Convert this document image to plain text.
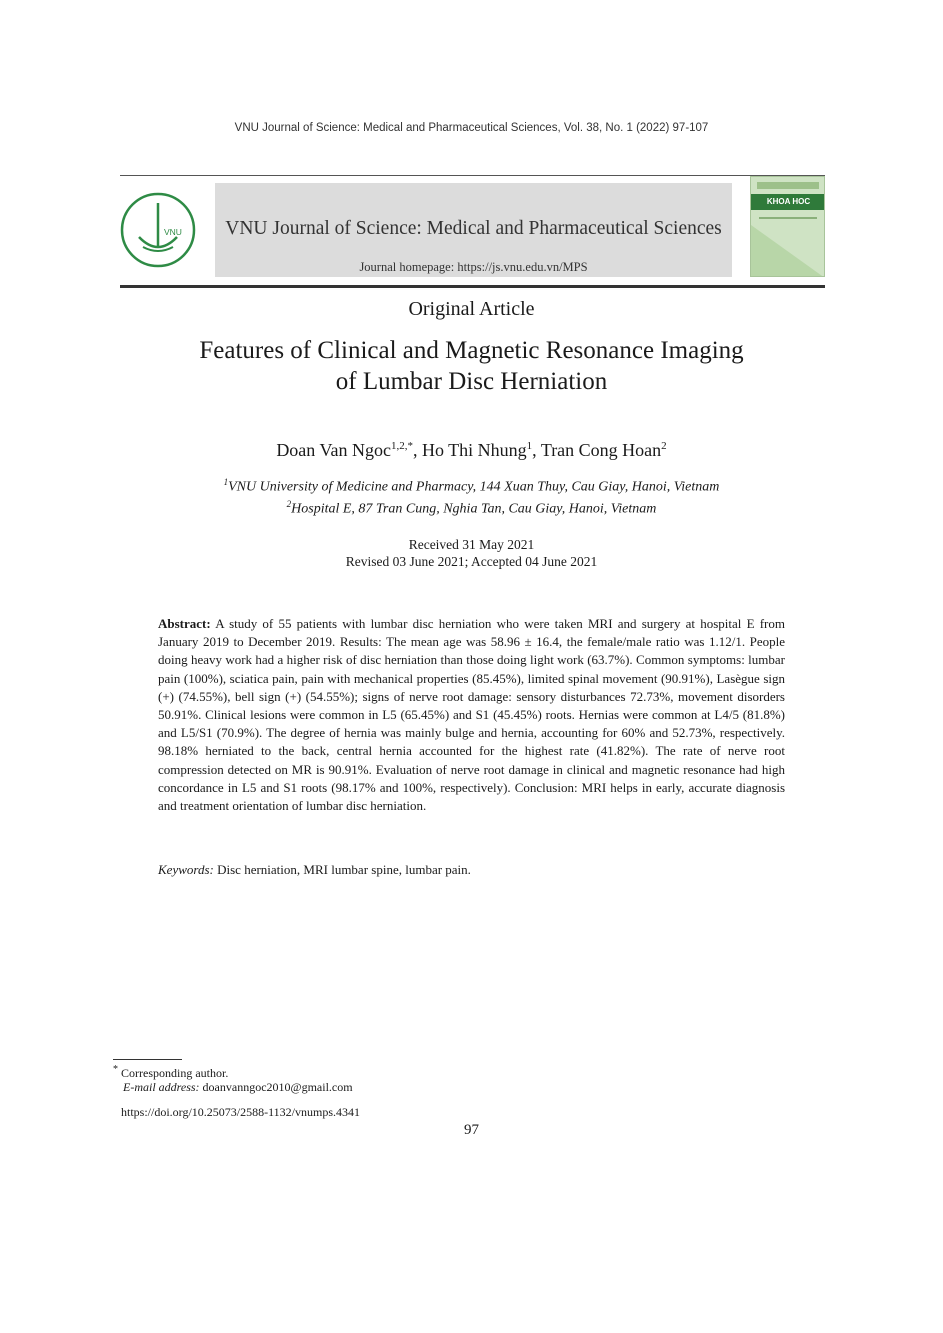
VNU Journal of Science: Medical and Pharmaceutical Sciences, Vol. 38, No. 1 (2022) 97-107
VNU	VNU Journal of Science: Medical and Pharmaceutical Sciences
Journal homepage: https://js.vnu.edu.vn/MPS
KHOA HOC
Original Article
Features of Clinical and Magnetic Resonance Imaging
of Lumbar Disc Herniation
Doan Van Ngoc$^{1,2,*}$, Ho Thi Nhung$^1$, Tran Cong Hoan$^2$
$^1$VNU University of Medicine and Pharmacy, 144 Xuan Thuy, Cau Giay, Hanoi, Vietnam
$^2$Hospital E, 87 Tran Cung, Nghia Tan, Cau Giay, Hanoi, Vietnam
Received 31 May 2021
Revised 03 June 2021; Accepted 04 June 2021
Abstract: A study of 55 patients with lumbar disc herniation who were taken MRI and surgery at hospital E from January 2019 to December 2019. Results: The mean age was 58.96 ± 16.4, the female/male ratio was 1.12/1. People doing heavy work had a higher risk of disc herniation than those doing light work (63.7%). Common symptoms: lumbar pain (100%), sciatica pain, pain with mechanical properties (85.45%), limited spinal movement (90.91%), Lasègue sign (+) (74.55%), bell sign (+) (54.55%); signs of nerve root damage: sensory disturbances 72.73%, movement disorders 50.91%. Clinical lesions were common in L5 (65.45%) and S1 (45.45%) roots. Hernias were common at L4/5 (81.8%) and L5/S1 (70.9%). The degree of hernia was mainly bulge and hernia, accounting for 60% and 52.73%, respectively. 98.18% herniated to the back, central hernia accounted for the highest rate (41.82%). The rate of nerve root compression detected on MR is 90.91%. Evaluation of nerve root damage in clinical and magnetic resonance had high concordance in L5 and S1 roots (98.17% and 100%, respectively). Conclusion: MRI helps in early, accurate diagnosis and treatment orientation of lumbar disc herniation.
Keywords: Disc herniation, MRI lumbar spine, lumbar pain.
* Corresponding author.
E-mail address: doanvanngoc2010@gmail.com
https://doi.org/10.25073/2588-1132/vnumps.4341
97
